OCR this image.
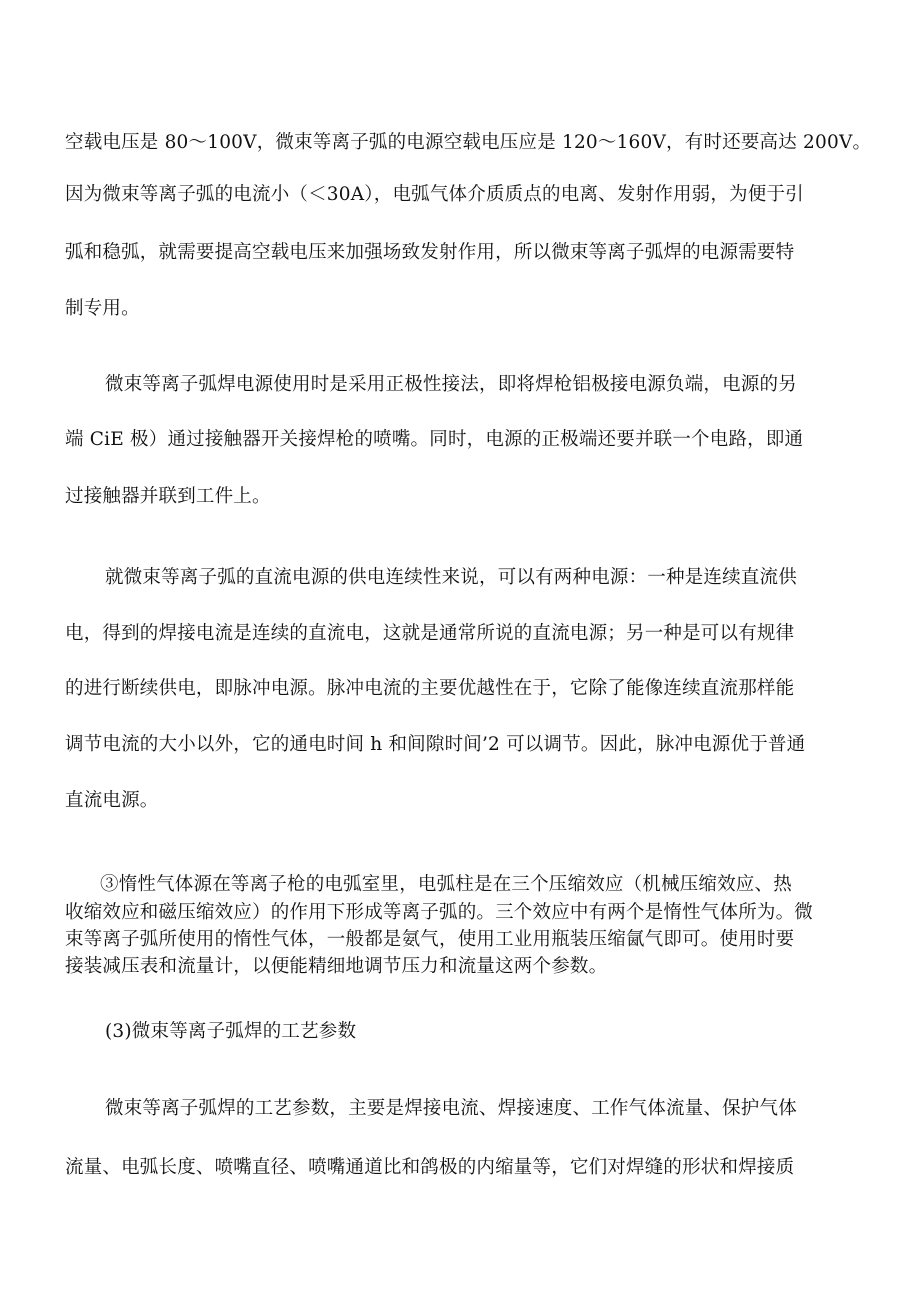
空载电压是 80～100V，微束等离子弧的电源空载电压应是 120～160V，有时还要高达 200V。
因为微束等离子弧的电流小（＜30A），电弧气体介质质点的电离、发射作用弱，为便于引
弧和稳弧，就需要提高空载电压来加强场致发射作用，所以微束等离子弧焊的电源需要特
制专用。
微束等离子弧焊电源使用时是采用正极性接法，即将焊枪铝极接电源负端，电源的另
端 CiE 极）通过接触器开关接焊枪的喷嘴。同时，电源的正极端还要并联一个电路，即通
过接触器并联到工件上。
就微束等离子弧的直流电源的供电连续性来说，可以有两种电源：一种是连续直流供
电，得到的焊接电流是连续的直流电，这就是通常所说的直流电源；另一种是可以有规律
的进行断续供电，即脉冲电源。脉冲电流的主要优越性在于，它除了能像连续直流那样能
调节电流的大小以外，它的通电时间 h 和间隙时间’2 可以调节。因此，脉冲电源优于普通
直流电源。
③惰性气体源在等离子枪的电弧室里，电弧柱是在三个压缩效应（机械压缩效应、热
收缩效应和磁压缩效应）的作用下形成等离子弧的。三个效应中有两个是惰性气体所为。微
束等离子弧所使用的惰性气体，一般都是氨气，使用工业用瓶装压缩氤气即可。使用时要
接装减压表和流量计，以便能精细地调节压力和流量这两个参数。
(3)微束等离子弧焊的工艺参数
微束等离子弧焊的工艺参数，主要是焊接电流、焊接速度、工作气体流量、保护气体
流量、电弧长度、喷嘴直径、喷嘴通道比和鸽极的内缩量等，它们对焊缝的形状和焊接质
